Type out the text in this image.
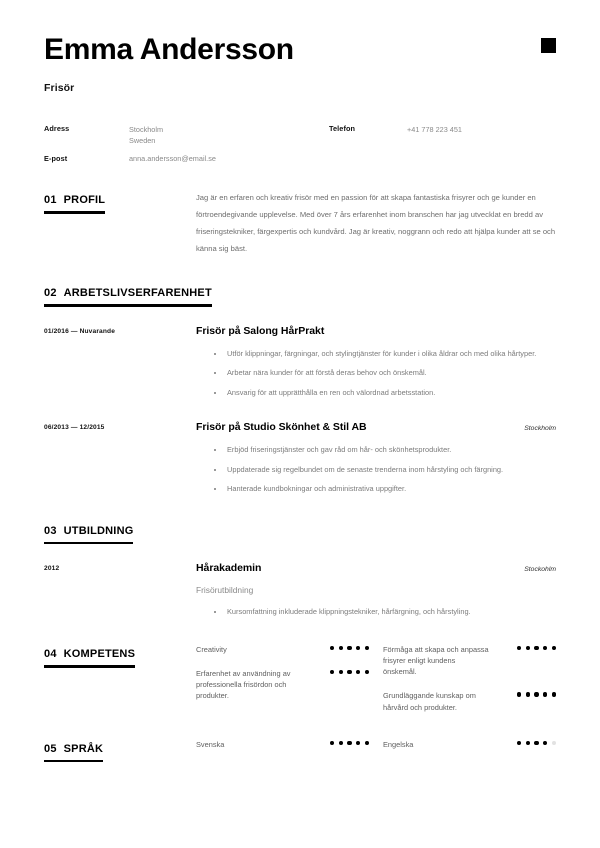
Emma Andersson
Frisör
Adress	Stockholm
Sweden
Telefon	+41 778 223 451
E-post	anna.andersson@email.se
01 PROFIL	Jag är en erfaren och kreativ frisör med en passion för att skapa fantastiska frisyrer och ge kunder en förtroendegivande upplevelse. Med över 7 års erfarenhet inom branschen har jag utvecklat en bredd av friseringstekniker, färgexpertis och kundvård. Jag är kreativ, noggrann och redo att hjälpa kunder att se och känna sig bäst.
02 ARBETSLIVSERFARENHET
01/2016 — Nuvarande	Frisör på Salong HårPrakt
Utför klippningar, färgningar, och stylingtjänster för kunder i olika åldrar och med olika hårtyper.
Arbetar nära kunder för att förstå deras behov och önskemål.
Ansvarig för att upprätthålla en ren och välordnad arbetsstation.
06/2013 — 12/2015	Frisör på Studio Skönhet & Stil AB	Stockholm
Erbjöd friseringstjänster och gav råd om hår- och skönhetsprodukter.
Uppdaterade sig regelbundet om de senaste trenderna inom hårstyling och färgning.
Hanterade kundbokningar och administrativa uppgifter.
03 UTBILDNING
2012	Hårakademin	Stockohlm
Frisörutbildning
Kursomfattning inkluderade klippningstekniker, hårfärgning, och hårstyling.
04 KOMPETENS	Creativity
Erfarenhet av användning av professionella frisördon och produkter.
Förmåga att skapa och anpassa frisyrer enligt kundens önskemål.
Grundläggande kunskap om hårvård och produkter.
05 SPRÅK	Svenska	Engelska
